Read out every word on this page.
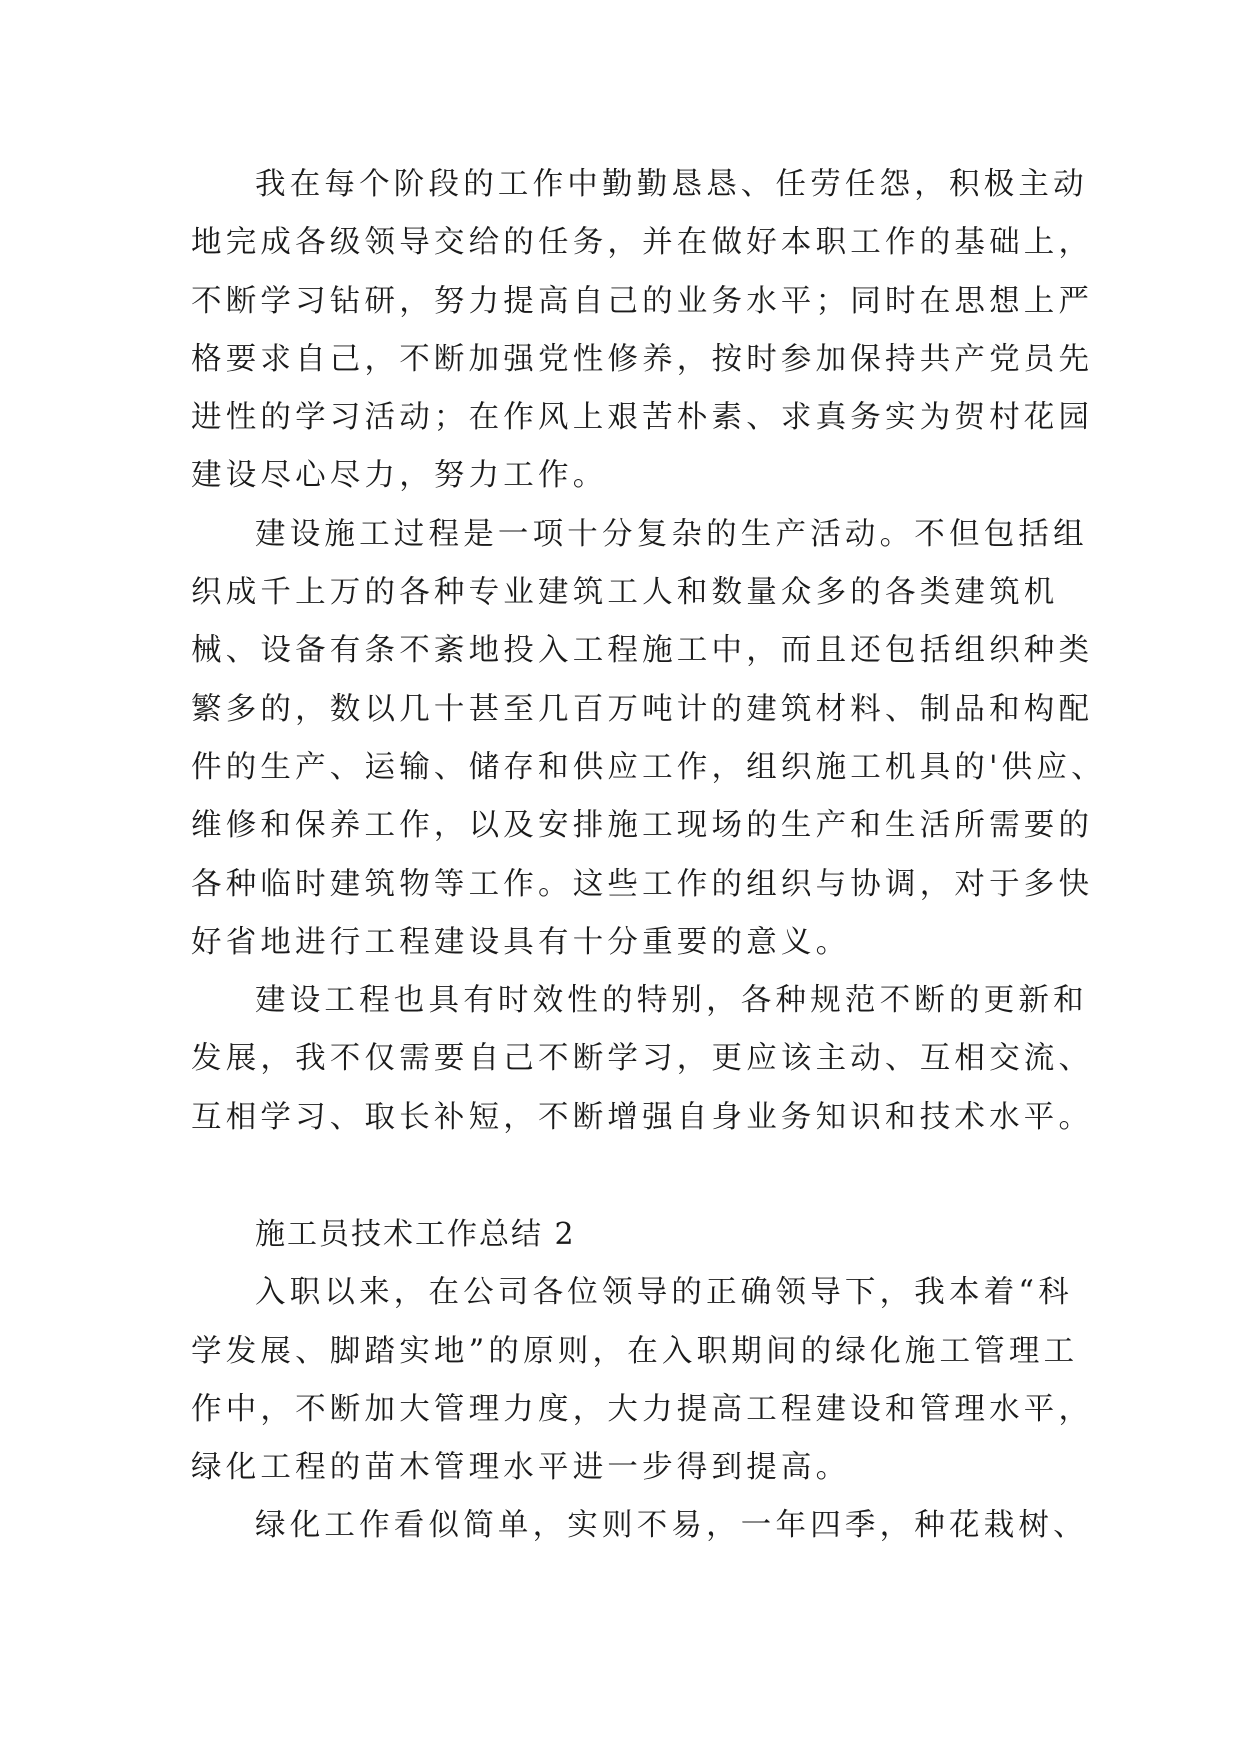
我在每个阶段的工作中勤勤恳恳、任劳任怨，积极主动
地完成各级领导交给的任务，并在做好本职工作的基础上，
不断学习钻研，努力提高自己的业务水平；同时在思想上严
格要求自己，不断加强党性修养，按时参加保持共产党员先
进性的学习活动；在作风上艰苦朴素、求真务实为贺村花园
建设尽心尽力，努力工作。
建设施工过程是一项十分复杂的生产活动。不但包括组
织成千上万的各种专业建筑工人和数量众多的各类建筑机
械、设备有条不紊地投入工程施工中，而且还包括组织种类
繁多的，数以几十甚至几百万吨计的建筑材料、制品和构配
件的生产、运输、储存和供应工作，组织施工机具的'供应、
维修和保养工作，以及安排施工现场的生产和生活所需要的
各种临时建筑物等工作。这些工作的组织与协调，对于多快
好省地进行工程建设具有十分重要的意义。
建设工程也具有时效性的特别，各种规范不断的更新和
发展，我不仅需要自己不断学习，更应该主动、互相交流、
互相学习、取长补短，不断增强自身业务知识和技术水平。
施工员技术工作总结 2
入职以来，在公司各位领导的正确领导下，我本着“科
学发展、脚踏实地”的原则，在入职期间的绿化施工管理工
作中，不断加大管理力度，大力提高工程建设和管理水平，
绿化工程的苗木管理水平进一步得到提高。
绿化工作看似简单，实则不易，一年四季，种花栽树、
